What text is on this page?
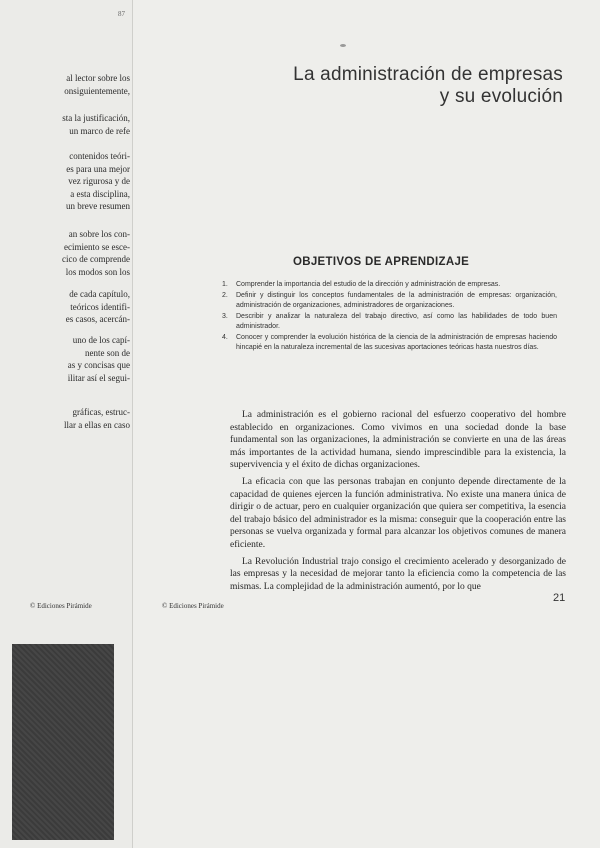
87
al lector sobre los
onsiguientemente,
sta la justificación,
un marco de refe
contenidos teóri-
es para una mejor
vez rigurosa y de
a esta disciplina,
un breve resumen
an sobre los con-
ecimiento se esce-
cico de comprende
los modos son los
de cada capítulo,
teóricos identifi-
es casos, acercán-
uno de los capí-
nente son de
as y concisas que
ilitar así el segui-
gráficas, estruc-
llar a ellas en caso
© Ediciones Pirámide
La administración de empresas
y su evolución
OBJETIVOS DE APRENDIZAJE
1.	Comprender la importancia del estudio de la dirección y administración de empresas.
2.	Definir y distinguir los conceptos fundamentales de la administración de empresas: organización, administración de organizaciones, administradores de organizaciones.
3.	Describir y analizar la naturaleza del trabajo directivo, así como las habilidades de todo buen administrador.
4.	Conocer y comprender la evolución histórica de la ciencia de la administración de empresas haciendo hincapié en la naturaleza incremental de las sucesivas aportaciones teóricas hasta nuestros días.

La administración es el gobierno racional del esfuerzo cooperativo del hombre establecido en organizaciones. Como vivimos en una sociedad donde la base fundamental son las organizaciones, la administración se convierte en una de las áreas más importantes de la actividad humana, siendo imprescindible para la existencia, la supervivencia y el éxito de dichas organizaciones.

La eficacia con que las personas trabajan en conjunto depende directamente de la capacidad de quienes ejercen la función administrativa. No existe una manera única de dirigir o de actuar, pero en cualquier organización que quiera ser competitiva, la esencia del trabajo básico del administrador es la misma: conseguir que la cooperación entre las personas se vuelva organizada y formal para alcanzar los objetivos comunes de manera eficiente.

La Revolución Industrial trajo consigo el crecimiento acelerado y desorganizado de las empresas y la necesidad de mejorar tanto la eficiencia como la competencia de las mismas. La complejidad de la administración aumentó, por lo que

21
© Ediciones Pirámide
